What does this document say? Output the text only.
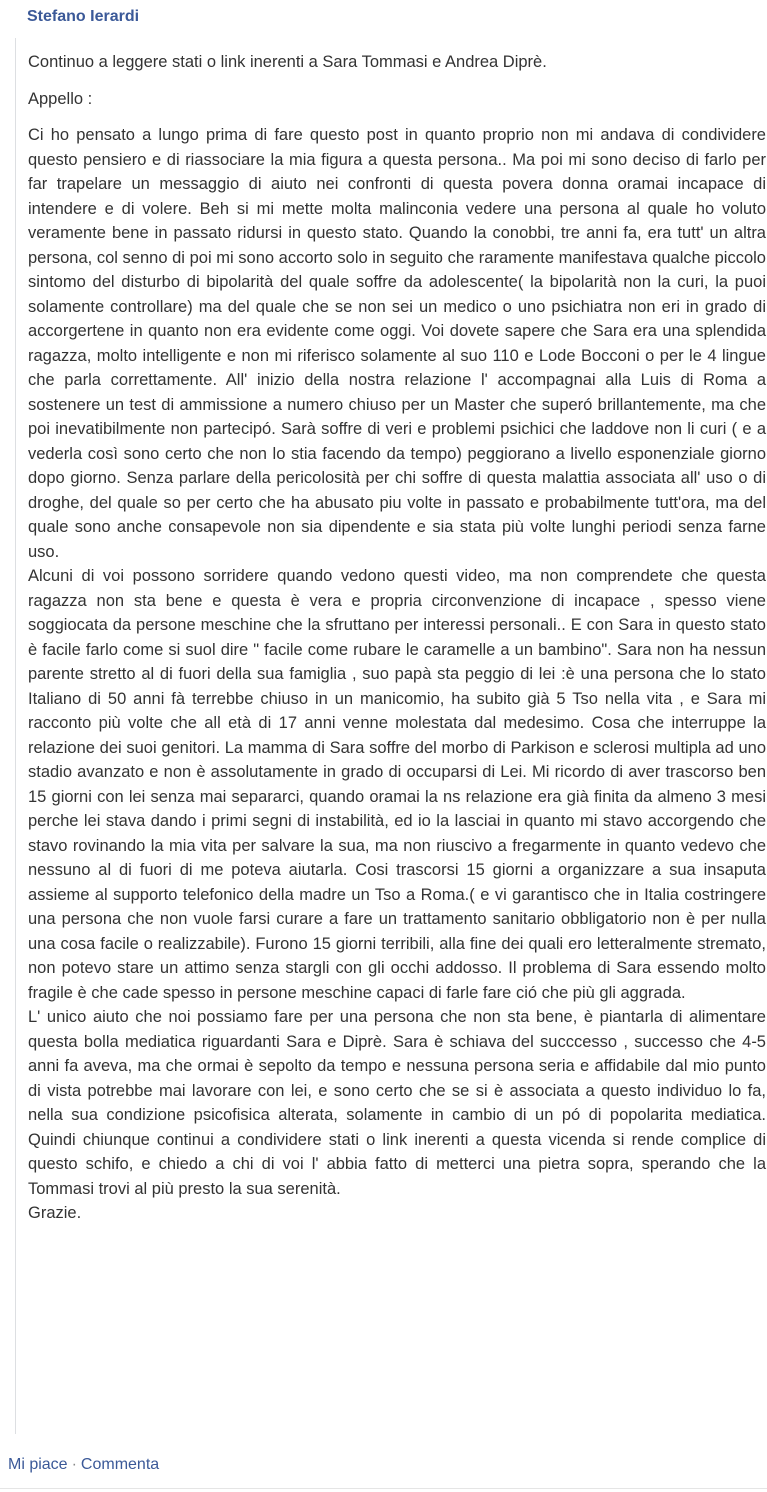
Stefano Ierardi

Continuo a leggere stati o link inerenti a Sara Tommasi e Andrea Diprè.

Appello :

Ci ho pensato a lungo prima di fare questo post in quanto proprio non mi andava di condividere questo pensiero e di riassociare la mia figura a questa persona.. Ma poi mi sono deciso di farlo per far trapelare un messaggio di aiuto nei confronti di questa povera donna oramai incapace di intendere e di volere. Beh si mi mette molta malinconia vedere una persona al quale ho voluto veramente bene in passato ridursi in questo stato. Quando la conobbi, tre anni fa, era tutt' un altra persona, col senno di poi mi sono accorto solo in seguito che raramente manifestava qualche piccolo sintomo del disturbo di bipolarità del quale soffre da adolescente( la bipolarità non la curi, la puoi solamente controllare) ma del quale che se non sei un medico o uno psichiatra non eri in grado di accorgertene in quanto non era evidente come oggi. Voi dovete sapere che Sara era una splendida ragazza, molto intelligente e non mi riferisco solamente al suo 110 e Lode Bocconi o per le 4 lingue che parla correttamente. All' inizio della nostra relazione l' accompagnai alla Luis di Roma a sostenere un test di ammissione a numero chiuso per un Master che superó brillantemente, ma che poi inevatibilmente non partecipó. Sarà soffre di veri e problemi psichici che laddove non li curi ( e a vederla così sono certo che non lo stia facendo da tempo) peggiorano a livello esponenziale giorno dopo giorno. Senza parlare della pericolosità per chi soffre di questa malattia associata all' uso o di droghe, del quale so per certo che ha abusato piu volte in passato e probabilmente tutt'ora, ma del quale sono anche consapevole non sia dipendente e sia stata più volte lunghi periodi senza farne uso.

Alcuni di voi possono sorridere quando vedono questi video, ma non comprendete che questa ragazza non sta bene e questa è vera e propria circonvenzione di incapace , spesso viene soggiocata da persone meschine che la sfruttano per interessi personali.. E con Sara in questo stato è facile farlo come si suol dire " facile come rubare le caramelle a un bambino". Sara non ha nessun parente stretto al di fuori della sua famiglia , suo papà sta peggio di lei :è una persona che lo stato Italiano di 50 anni fà terrebbe chiuso in un manicomio, ha subito già 5 Tso nella vita , e Sara mi racconto più volte che all età di 17 anni venne molestata dal medesimo. Cosa che interruppe la relazione dei suoi genitori. La mamma di Sara soffre del morbo di Parkison e sclerosi multipla ad uno stadio avanzato e non è assolutamente in grado di occuparsi di Lei. Mi ricordo di aver trascorso ben 15 giorni con lei senza mai separarci, quando oramai la ns relazione era già finita da almeno 3 mesi perche lei stava dando i primi segni di instabilità, ed io la lasciai in quanto mi stavo accorgendo che stavo rovinando la mia vita per salvare la sua, ma non riuscivo a fregarmente in quanto vedevo che nessuno al di fuori di me poteva aiutarla. Cosi trascorsi 15 giorni a organizzare a sua insaputa assieme al supporto telefonico della madre un Tso a Roma.( e vi garantisco che in Italia costringere una persona che non vuole farsi curare a fare un trattamento sanitario obbligatorio non è per nulla una cosa facile o realizzabile). Furono 15 giorni terribili, alla fine dei quali ero letteralmente stremato, non potevo stare un attimo senza stargli con gli occhi addosso. Il problema di Sara essendo molto fragile è che cade spesso in persone meschine capaci di farle fare ció che più gli aggrada.

L' unico aiuto che noi possiamo fare per una persona che non sta bene, è piantarla di alimentare questa bolla mediatica riguardanti Sara e Diprè. Sara è schiava del succcesso , successo che 4-5 anni fa aveva, ma che ormai è sepolto da tempo e nessuna persona seria e affidabile dal mio punto di vista potrebbe mai lavorare con lei, e sono certo che se si è associata a questo individuo lo fa, nella sua condizione psicofisica alterata, solamente in cambio di un pó di popolarita mediatica. Quindi chiunque continui a condividere stati o link inerenti a questa vicenda si rende complice di questo schifo, e chiedo a chi di voi l' abbia fatto di metterci una pietra sopra, sperando che la Tommasi trovi al più presto la sua serenità.

Grazie.

Mi piace · Commenta
